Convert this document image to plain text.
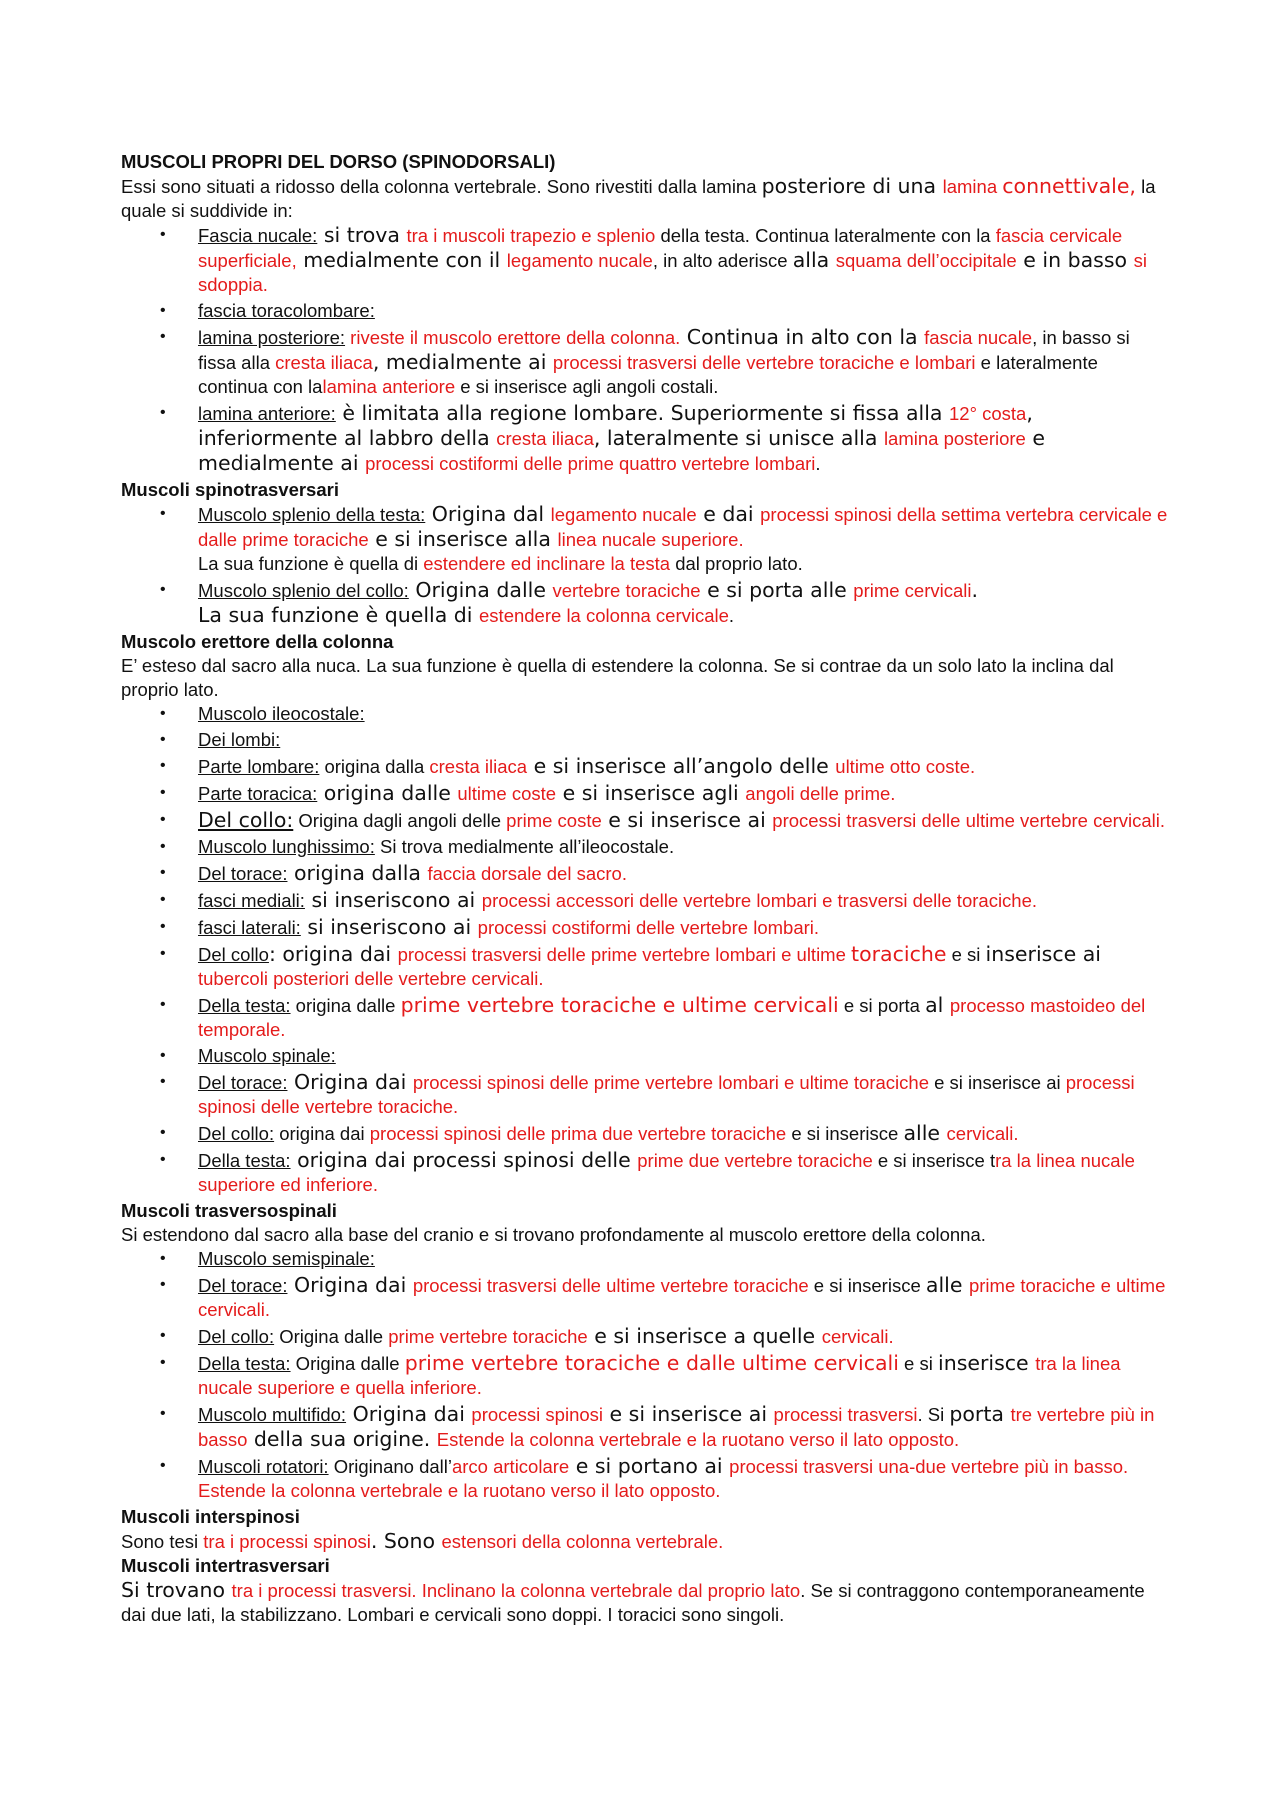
MUSCOLI PROPRI DEL DORSO (SPINODORSALI)
Essi sono situati a ridosso della colonna vertebrale. Sono rivestiti dalla lamina posteriore di una lamina connettivale, la quale si suddivide in:
• Fascia nucale: si trova tra i muscoli trapezio e splenio della testa. Continua lateralmente con la fascia cervicale superficiale, medialmente con il legamento nucale, in alto aderisce alla squama dell’occipitale e in basso si sdoppia.
• fascia toracolombare:
• lamina posteriore: riveste il muscolo erettore della colonna. Continua in alto con la fascia nucale, in basso si fissa alla cresta iliaca, medialmente ai processi trasversi delle vertebre toraciche e lombari e lateralmente continua con lalamina anteriore e si inserisce agli angoli costali.
• lamina anteriore: è limitata alla regione lombare. Superiormente si fissa alla 12° costa, inferiormente al labbro della cresta iliaca, lateralmente si unisce alla lamina posteriore e medialmente ai processi costiformi delle prime quattro vertebre lombari.
Muscoli spinotrasversari
• Muscolo splenio della testa: Origina dal legamento nucale e dai processi spinosi della settima vertebra cervicale e dalle prime toraciche e si inserisce alla linea nucale superiore.
La sua funzione è quella di estendere ed inclinare la testa dal proprio lato.
• Muscolo splenio del collo: Origina dalle vertebre toraciche e si porta alle prime cervicali.
La sua funzione è quella di estendere la colonna cervicale.
Muscolo erettore della colonna
E’ esteso dal sacro alla nuca. La sua funzione è quella di estendere la colonna. Se si contrae da un solo lato la inclina dal proprio lato.
• Muscolo ileocostale:
• Dei lombi:
• Parte lombare: origina dalla cresta iliaca e si inserisce all’angolo delle ultime otto coste.
• Parte toracica: origina dalle ultime coste e si inserisce agli angoli delle prime.
• Del collo: Origina dagli angoli delle prime coste e si inserisce ai processi trasversi delle ultime vertebre cervicali.
• Muscolo lunghissimo: Si trova medialmente all’ileocostale.
• Del torace: origina dalla faccia dorsale del sacro.
• fasci mediali: si inseriscono ai processi accessori delle vertebre lombari e trasversi delle toraciche.
• fasci laterali: si inseriscono ai processi costiformi delle vertebre lombari.
• Del collo: origina dai processi trasversi delle prime vertebre lombari e ultime toraciche e si inserisce ai tubercoli posteriori delle vertebre cervicali.
• Della testa: origina dalle prime vertebre toraciche e ultime cervicali e si porta al processo mastoideo del temporale.
• Muscolo spinale:
• Del torace: Origina dai processi spinosi delle prime vertebre lombari e ultime toraciche e si inserisce ai processi spinosi delle vertebre toraciche.
• Del collo: origina dai processi spinosi delle prima due vertebre toraciche e si inserisce alle cervicali.
• Della testa: origina dai processi spinosi delle prime due vertebre toraciche e si inserisce tra la linea nucale superiore ed inferiore.
Muscoli trasversospinali
Si estendono dal sacro alla base del cranio e si trovano profondamente al muscolo erettore della colonna.
• Muscolo semispinale:
• Del torace: Origina dai processi trasversi delle ultime vertebre toraciche e si inserisce alle prime toraciche e ultime cervicali.
• Del collo: Origina dalle prime vertebre toraciche e si inserisce a quelle cervicali.
• Della testa: Origina dalle prime vertebre toraciche e dalle ultime cervicali e si inserisce tra la linea nucale superiore e quella inferiore.
• Muscolo multifido: Origina dai processi spinosi e si inserisce ai processi trasversi. Si porta tre vertebre più in basso della sua origine. Estende la colonna vertebrale e la ruotano verso il lato opposto.
• Muscoli rotatori: Originano dall’arco articolare e si portano ai processi trasversi una-due vertebre più in basso. Estende la colonna vertebrale e la ruotano verso il lato opposto.
Muscoli interspinosi
Sono tesi tra i processi spinosi. Sono estensori della colonna vertebrale.
Muscoli intertrasversari
Si trovano tra i processi trasversi. Inclinano la colonna vertebrale dal proprio lato. Se si contraggono contemporaneamente dai due lati, la stabilizzano. Lombari e cervicali sono doppi. I toracici sono singoli.
